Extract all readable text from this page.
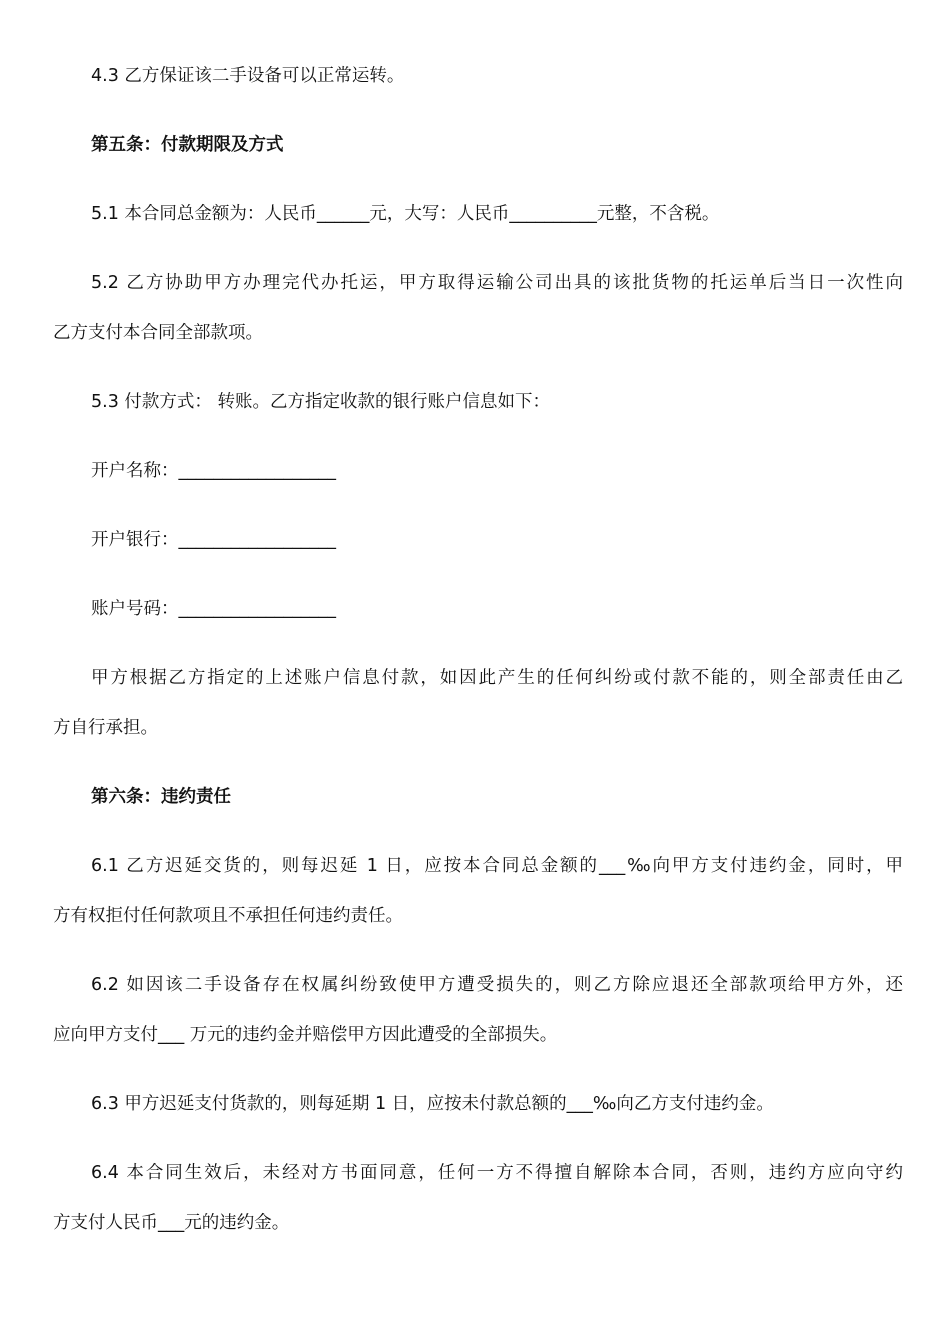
4.3 乙方保证该二手设备可以正常运转。
第五条：付款期限及方式
5.1 本合同总金额为：人民币______元，大写：人民币__________元整，不含税。
5.2 乙方协助甲方办理完代办托运，甲方取得运输公司出具的该批货物的托运单后当日一次性向
乙方支付本合同全部款项。
5.3 付款方式： 转账。乙方指定收款的银行账户信息如下：
开户名称：__________________
开户银行：__________________
账户号码：__________________
甲方根据乙方指定的上述账户信息付款，如因此产生的任何纠纷或付款不能的，则全部责任由乙
方自行承担。
第六条：违约责任
6.1 乙方迟延交货的，则每迟延 1 日，应按本合同总金额的___‰向甲方支付违约金，同时，甲
方有权拒付任何款项且不承担任何违约责任。
6.2 如因该二手设备存在权属纠纷致使甲方遭受损失的，则乙方除应退还全部款项给甲方外，还
应向甲方支付___ 万元的违约金并赔偿甲方因此遭受的全部损失。
6.3 甲方迟延支付货款的，则每延期 1 日，应按未付款总额的___‰向乙方支付违约金。
6.4 本合同生效后，未经对方书面同意，任何一方不得擅自解除本合同，否则，违约方应向守约
方支付人民币___元的违约金。
